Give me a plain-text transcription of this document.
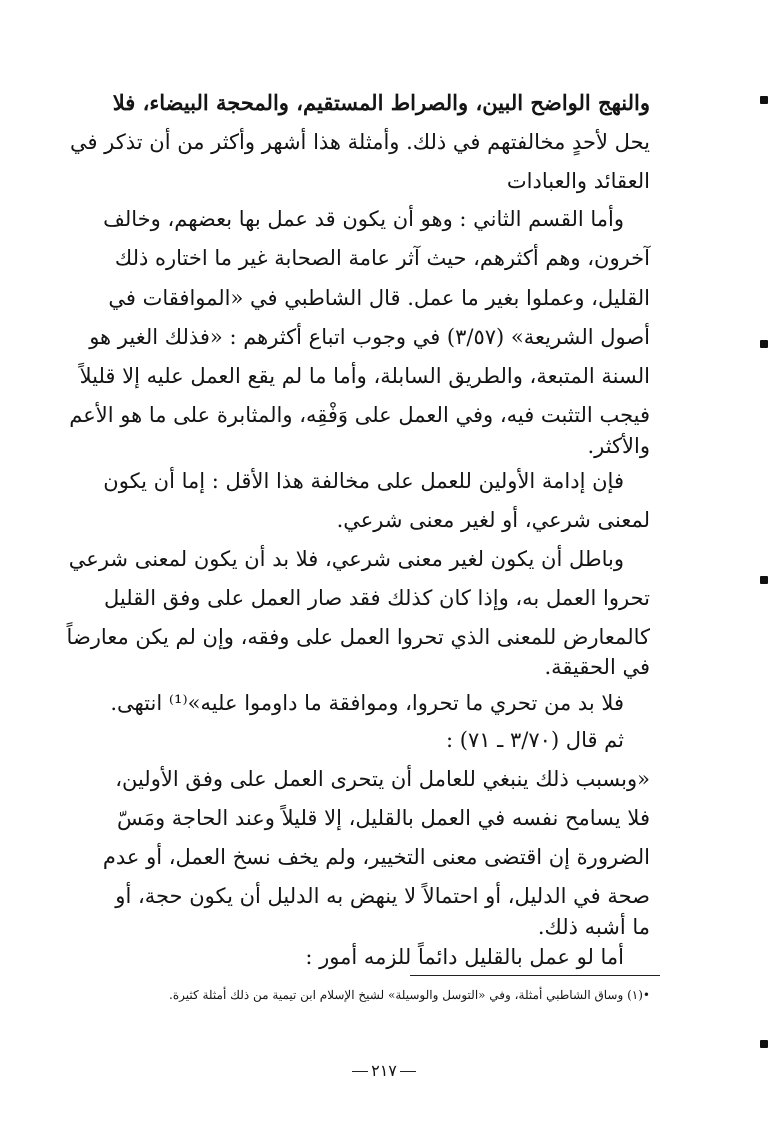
والنهج الواضح البين، والصراط المستقيم، والمحجة البيضاء، فلا
يحل لأحدٍ مخالفتهم في ذلك. وأمثلة هذا أشهر وأكثر من أن تذكر في
العقائد والعبادات
وأما القسم الثاني : وهو أن يكون قد عمل بها بعضهم، وخالف
آخرون، وهم أكثرهم، حيث آثر عامة الصحابة غير ما اختاره ذلك
القليل، وعملوا بغير ما عمل. قال الشاطبي في «الموافقات في
أصول الشريعة» (٣/٥٧) في وجوب اتباع أكثرهم : «فذلك الغير هو
السنة المتبعة، والطريق السابلة، وأما ما لم يقع العمل عليه إلا قليلاً
فيجب التثبت فيه، وفي العمل على وَفْقِه، والمثابرة على ما هو الأعم
والأكثر.
فإن إدامة الأولين للعمل على مخالفة هذا الأقل : إما أن يكون
لمعنى شرعي، أو لغير معنى شرعي.
وباطل أن يكون لغير معنى شرعي، فلا بد أن يكون لمعنى شرعي
تحروا العمل به، وإذا كان كذلك فقد صار العمل على وفق القليل
كالمعارض للمعنى الذي تحروا العمل على وفقه، وإن لم يكن معارضاً
في الحقيقة.
فلا بد من تحري ما تحروا، وموافقة ما داوموا عليه»⁽¹⁾ انتهى.
ثم قال (٣/٧٠ ـ ٧١) :
«وبسبب ذلك ينبغي للعامل أن يتحرى العمل على وفق الأولين،
فلا يسامح نفسه في العمل بالقليل، إلا قليلاً وعند الحاجة ومَسّ
الضرورة إن اقتضى معنى التخيير، ولم يخف نسخ العمل، أو عدم
صحة في الدليل، أو احتمالاً لا ينهض به الدليل أن يكون حجة، أو
ما أشبه ذلك.
أما لو عمل بالقليل دائماً للزمه أمور :
•(١) وساق الشاطبي أمثلة، وفي «التوسل والوسيلة» لشيخ الإسلام ابن تيمية من ذلك أمثلة كثيرة.
٢١٧
